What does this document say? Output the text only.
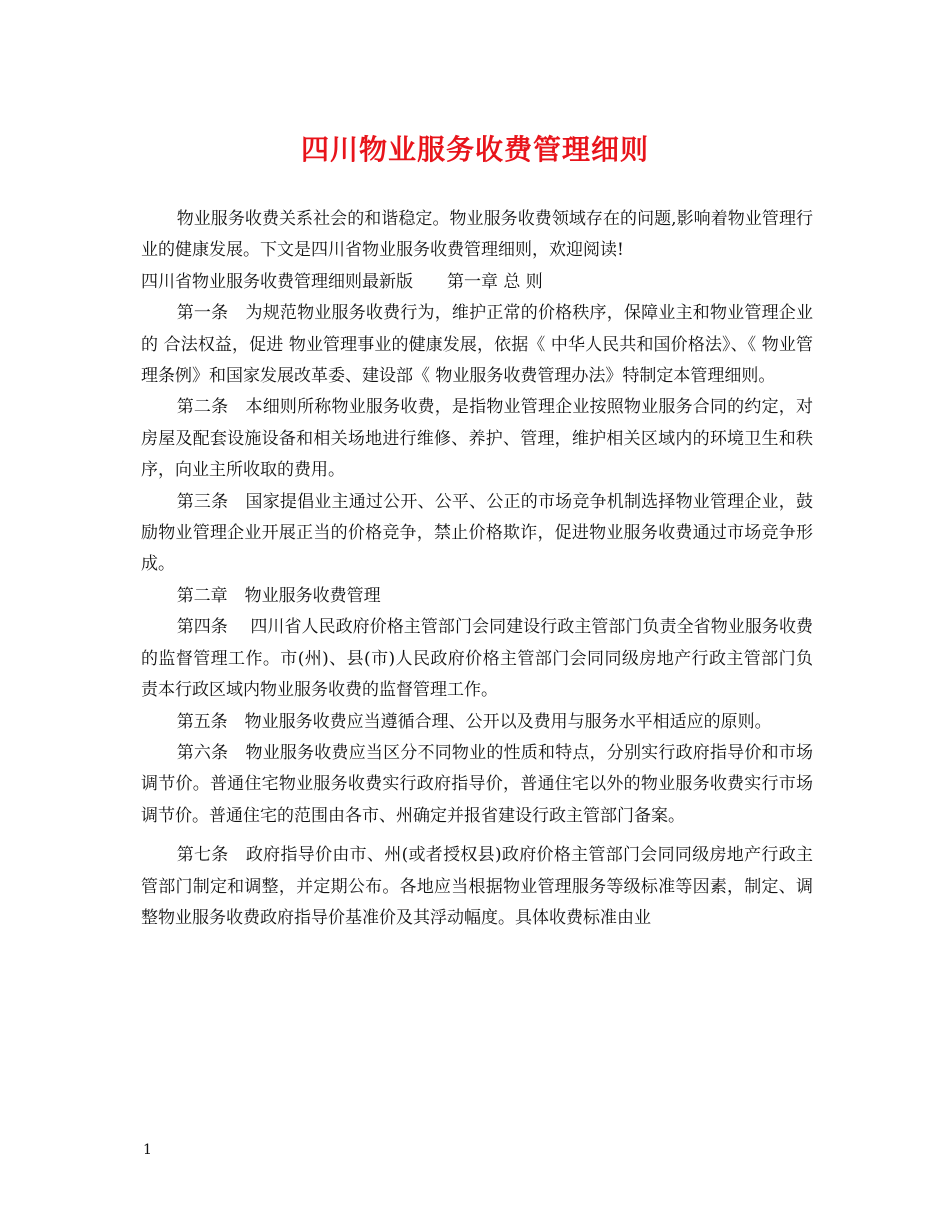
四川物业服务收费管理细则

物业服务收费关系社会的和谐稳定。物业服务收费领域存在的问题,影响着物业管理行业的健康发展。下文是四川省物业服务收费管理细则，欢迎阅读!

四川省物业服务收费管理细则最新版　　第一章 总 则

第一条　为规范物业服务收费行为，维护正常的价格秩序，保障业主和物业管理企业的 合法权益，促进 物业管理事业的健康发展，依据《 中华人民共和国价格法》、《 物业管理条例》和国家发展改革委、建设部《 物业服务收费管理办法》特制定本管理细则。

第二条　本细则所称物业服务收费，是指物业管理企业按照物业服务合同的约定，对房屋及配套设施设备和相关场地进行维修、养护、管理，维护相关区域内的环境卫生和秩序，向业主所收取的费用。

第三条　国家提倡业主通过公开、公平、公正的市场竞争机制选择物业管理企业，鼓励物业管理企业开展正当的价格竞争，禁止价格欺诈，促进物业服务收费通过市场竞争形成。

第二章　物业服务收费管理

第四条　 四川省人民政府价格主管部门会同建设行政主管部门负责全省物业服务收费的监督管理工作。市(州)、县(市)人民政府价格主管部门会同同级房地产行政主管部门负责本行政区域内物业服务收费的监督管理工作。

第五条　物业服务收费应当遵循合理、公开以及费用与服务水平相适应的原则。

第六条　物业服务收费应当区分不同物业的性质和特点，分别实行政府指导价和市场调节价。普通住宅物业服务收费实行政府指导价，普通住宅以外的物业服务收费实行市场调节价。普通住宅的范围由各市、州确定并报省建设行政主管部门备案。

第七条　政府指导价由市、州(或者授权县)政府价格主管部门会同同级房地产行政主管部门制定和调整，并定期公布。各地应当根据物业管理服务等级标准等因素，制定、调整物业服务收费政府指导价基准价及其浮动幅度。具体收费标准由业

1
